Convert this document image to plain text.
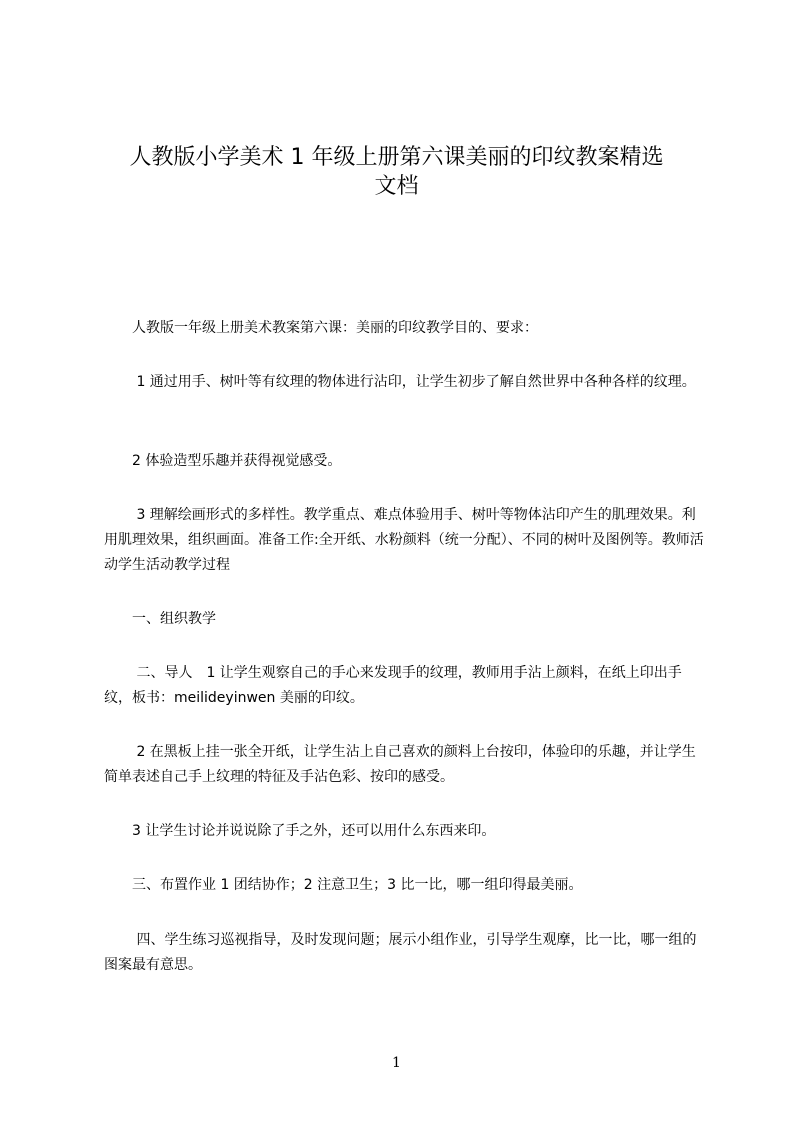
人教版小学美术 1 年级上册第六课美丽的印纹教案精选
文档

　　人教版一年级上册美术教案第六课：美丽的印纹教学目的、要求：

　　 1 通过用手、树叶等有纹理的物体进行沾印，让学生初步了解自然世界中各种各样的纹理。

　　2 体验造型乐趣并获得视觉感受。

　　 3 理解绘画形式的多样性。教学重点、难点体验用手、树叶等物体沾印产生的肌理效果。利用肌理效果，组织画面。准备工作:全开纸、水粉颜料（统一分配）、不同的树叶及图例等。教师活动学生活动教学过程

　　一、组织教学

　　 二、导人　1 让学生观察自己的手心来发现手的纹理，教师用手沾上颜料，在纸上印出手纹，板书：meilideyinwen 美丽的印纹。

　　 2 在黑板上挂一张全开纸，让学生沾上自己喜欢的颜料上台按印，体验印的乐趣，并让学生简单表述自己手上纹理的特征及手沾色彩、按印的感受。

　　3 让学生讨论并说说除了手之外，还可以用什么东西来印。

　　三、布置作业 1 团结协作；2 注意卫生；3 比一比，哪一组印得最美丽。

　　 四、学生练习巡视指导，及时发现问题；展示小组作业，引导学生观摩，比一比，哪一组的图案最有意思。

1
